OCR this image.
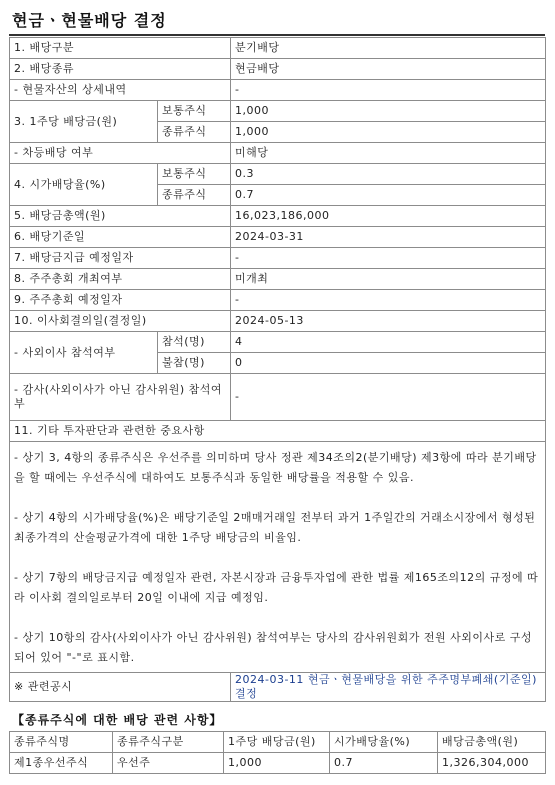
현금ㆍ현물배당 결정
1. 배당구분		분기배당
2. 배당종류		현금배당
- 현물자산의 상세내역		-
3. 1주당 배당금(원)	보통주식	1,000
	종류주식	1,000
- 차등배당 여부		미해당
4. 시가배당율(%)	보통주식	0.3
	종류주식	0.7
5. 배당금총액(원)		16,023,186,000
6. 배당기준일		2024-03-31
7. 배당금지급 예정일자		-
8. 주주총회 개최여부		미개최
9. 주주총회 예정일자		-
10. 이사회결의일(결정일)		2024-05-13
- 사외이사 참석여부	참석(명)	4
	불참(명)	0
- 감사(사외이사가 아닌 감사위원) 참석여부		-
11. 기타 투자판단과 관련한 중요사항		

- 상기 3, 4항의 종류주식은 우선주를 의미하며 당사 정관 제34조의2(분기배당) 제3항에 따라 분기배당을 할 때에는 우선주식에 대하여도 보통주식과 동일한 배당률을 적용할 수 있음.

- 상기 4항의 시가배당율(%)은 배당기준일 2매매거래일 전부터 과거 1주일간의 거래소시장에서 형성된 최종가격의 산술평균가격에 대한 1주당 배당금의 비율임.

- 상기 7항의 배당금지급 예정일자 관련, 자본시장과 금융투자업에 관한 법률 제165조의12의 규정에 따라 이사회 결의일로부터 20일 이내에 지급 예정임.

- 상기 10항의 감사(사외이사가 아닌 감사위원) 참석여부는 당사의 감사위원회가 전원 사외이사로 구성되어 있어 "-"로 표시함.		

※ 관련공시		2024-03-11 현금ㆍ현물배당을 위한 주주명부폐쇄(기준일) 결정
【종류주식에 대한 배당 관련 사항】
종류주식명	종류주식구분	1주당 배당금(원)	시가배당율(%)	배당금총액(원)
제1종우선주식	우선주	1,000	0.7	1,326,304,000
